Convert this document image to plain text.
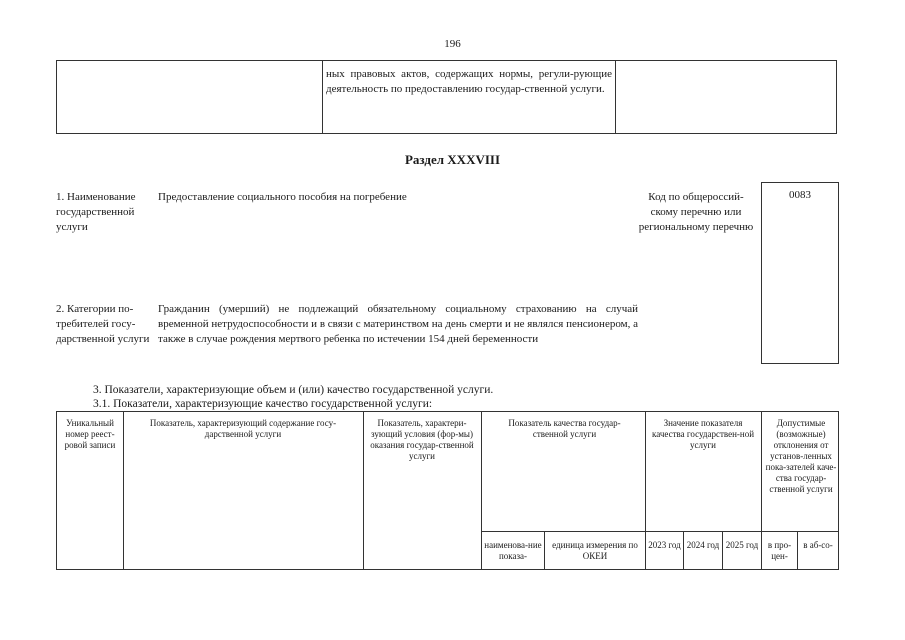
196
ных правовых актов, содержащих нормы, регули-рующие деятельность по предоставлению государ-ственной услуги.
Раздел XXXVIII
1. Наименование государственной услуги
Предоставление социального пособия на погребение	Код по общероссий-скому перечню или региональному перечню
0083
2. Категории по-требителей госу-дарственной услуги
Гражданин (умерший) не подлежащий обязательному социальному страхованию на случай временной нетрудоспособности и в связи с материнством на день смерти и не являлся пенсионером, а также в случае рождения мертвого ребенка по истечении 154 дней беременности
3. Показатели, характеризующие объем и (или) качество государственной услуги.
3.1. Показатели, характеризующие качество государственной услуги:
Уникальный номер реест-ровой записи
Показатель, характеризующий содержание госу-дарственной услуги
Показатель, характери-зующий условия (фор-мы) оказания государ-ственной услуги
Показатель качества государ-ственной услуги
Значение показателя качества государствен-ной услуги
Допустимые (возможные) отклонения от установ-ленных пока-зателей каче-ства государ-ственной услуги
наименова-ние показа-
единица измерения по ОКЕИ
2023 год 2024 год 2025 год	в про-цен-
в аб-со-
